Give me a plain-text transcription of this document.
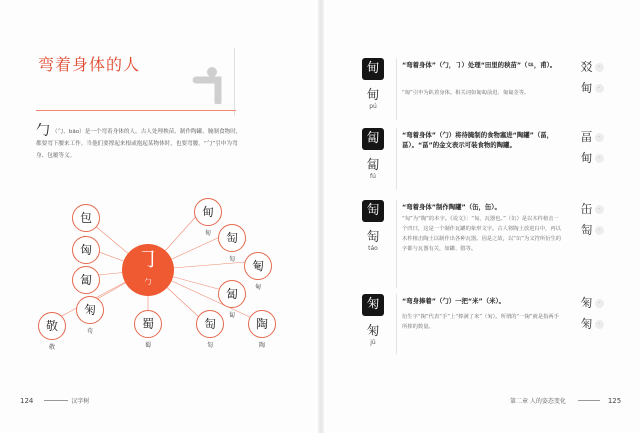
弯着身体的人
勹 （勹，bāo）是一个弯着身体的人。古人处理秧苗、制作陶罐、腌制食物时，都要弯下腰来工作。当他们要撑起来根或抱起某物体时，也要弯腰。“勹”引申为弯身、包覆等义。
㇆
勹
包
匈
匐
匊
苟
敬
敬
蜀
蜀
甸
甸	匋
匋	匎
匎
匐
匐
匋
匋
陶
陶
124	汉字树
甸
甸
pú
“弯着身体”（勹，㇆）处理“田里的秧苗”（⺋，甫）。
“匍”引申为趴着身体。相关词如匍匐前进、匍匐茎等。
㸚 ·
甸 ·
匐
匐
fú
“弯着身体”（勹）将待腌制的食物塞进“陶罐”（畐，畐）。“畐”的金文表示可装食物的陶罐。
畐 ·
甸 ·
匋
匋
táo
“弯着身体”制作陶罐”（缶，缶）。
“匋”为“陶”的本字。《说文》：“匋，瓦器也。”（缶）是以木杵植击一个凹曰，这是一个制作瓦罐的象形文字。古人将陶土放进臼中，再以木杵植击陶土以制作出各种瓦器。因是之故，以“缶”为义符所衍生的字都与瓦器有关，如罐、罄等。
缶 ·
匋 ·
匊
匊
jū
“弯身捧着”（勹）一把“米”（米）。
衍生字“掬”代表“手”上“捧满了米”（匊）。所谓的“一掬”就是指两手所捧的数量。
匊 ·
匊 ·
第二章 人的姿态变化	125
